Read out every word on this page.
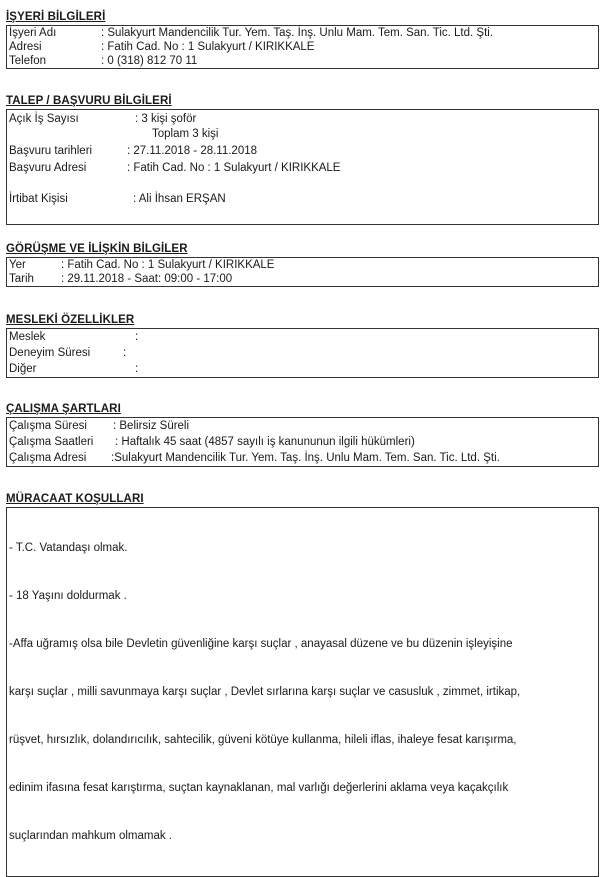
İŞYERİ BİLGİLERİ
İşyeri Adı	: Sulakyurt Mandencilik Tur. Yem. Taş. İnş. Unlu Mam. Tem. San. Tic. Ltd. Şti.
Adresi	: Fatih Cad. No : 1 Sulakyurt / KIRIKKALE
Telefon	: 0 (318) 812 70 11
TALEP / BAŞVURU BİLGİLERİ
Açık İş Sayısı	: 3 kişi şoför
Toplam 3 kişi
Başvuru tarihleri	: 27.11.2018 - 28.11.2018
Başvuru Adresi	: Fatih Cad. No : 1 Sulakyurt / KIRIKKALE
İrtibat Kişisi	: Ali İhsan ERŞAN
GÖRÜŞME VE İLİŞKİN BİLGİLER
Yer	: Fatih Cad. No : 1 Sulakyurt / KIRIKKALE
Tarih : 29.11.2018 - Saat: 09:00 - 17:00
MESLEKİ ÖZELLİKLER
Meslek	:
Deneyim Süresi	:
Diğer	:
ÇALIŞMA ŞARTLARI
Çalışma Süresi : Belirsiz Süreli
Çalışma Saatleri : Haftalık 45 saat (4857 sayılı iş kanununun ilgili hükümleri)
Çalışma Adresi :Sulakyurt Mandencilik Tur. Yem. Taş. İnş. Unlu Mam. Tem. San. Tic. Ltd. Şti.
MÜRACAAT KOŞULLARI

- T.C. Vatandaşı olmak.

- 18 Yaşını doldurmak .

-Affa uğramış olsa bile Devletin güvenliğine karşı suçlar , anayasal düzene ve bu düzenin işleyişine

karşı suçlar , milli savunmaya karşı suçlar , Devlet sırlarına karşı suçlar ve casusluk , zimmet, irtikap,

rüşvet, hırsızlık, dolandırıcılık, sahtecilik, güveni kötüye kullanma, hileli iflas, ihaleye fesat karışırma,

edinim ifasına fesat karıştırma, suçtan kaynaklanan, mal varlığı değerlerini aklama veya kaçakçılık

suçlarından mahkum olmamak .
